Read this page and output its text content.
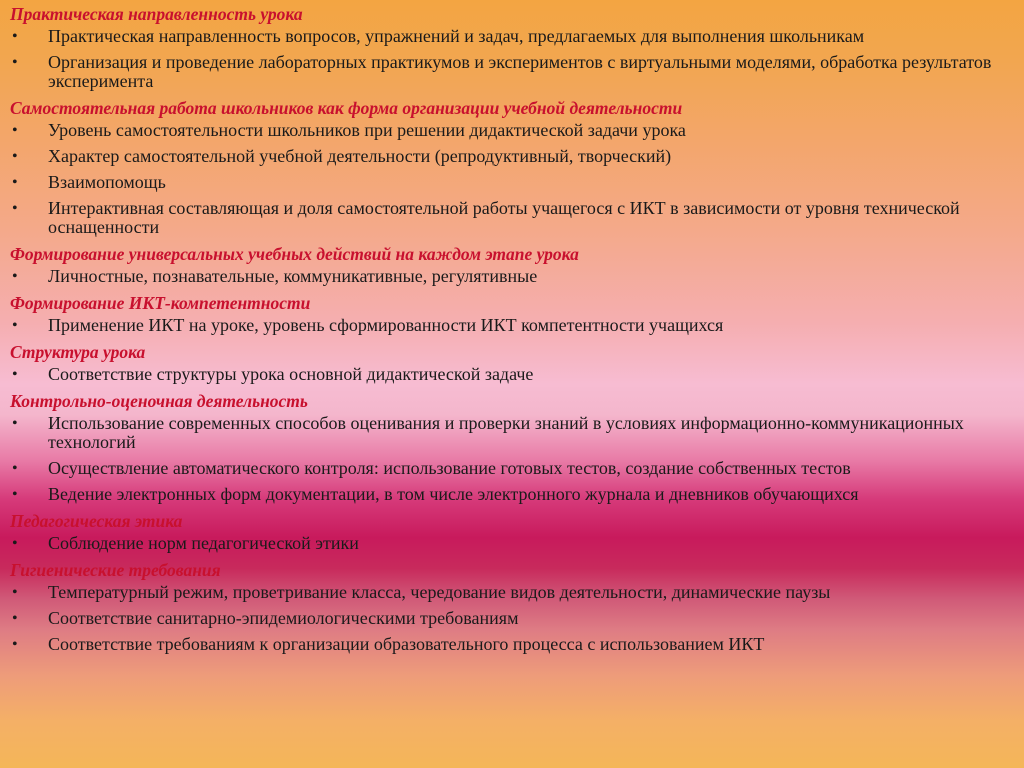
Практическая направленность урока
• Практическая направленность вопросов, упражнений и задач, предлагаемых для выполнения школьникам
• Организация и проведение лабораторных практикумов и экспериментов с виртуальными моделями, обработка результатов эксперимента
Самостоятельная работа школьников как форма организации учебной деятельности
• Уровень самостоятельности школьников при решении дидактической задачи урока
• Характер самостоятельной учебной деятельности (репродуктивный, творческий)
• Взаимопомощь
• Интерактивная составляющая и доля самостоятельной работы учащегося с ИКТ в зависимости от уровня технической оснащенности
Формирование универсальных учебных действий на каждом этапе урока
• Личностные, познавательные, коммуникативные, регулятивные
Формирование ИКТ-компетентности
• Применение ИКТ на уроке, уровень сформированности ИКТ компетентности учащихся
Структура урока
• Соответствие структуры урока основной дидактической задаче
Контрольно-оценочная деятельность
• Использование современных способов оценивания и проверки знаний в условиях информационно-коммуникационных технологий
• Осуществление автоматического контроля: использование готовых тестов, создание собственных тестов
• Ведение электронных форм документации, в том числе электронного журнала и дневников обучающихся
Педагогическая этика
• Соблюдение норм педагогической этики
Гигиенические требования
• Температурный режим, проветривание класса, чередование видов деятельности, динамические паузы
• Соответствие санитарно-эпидемиологическими требованиям
• Соответствие требованиям к организации образовательного процесса с использованием ИКТ
